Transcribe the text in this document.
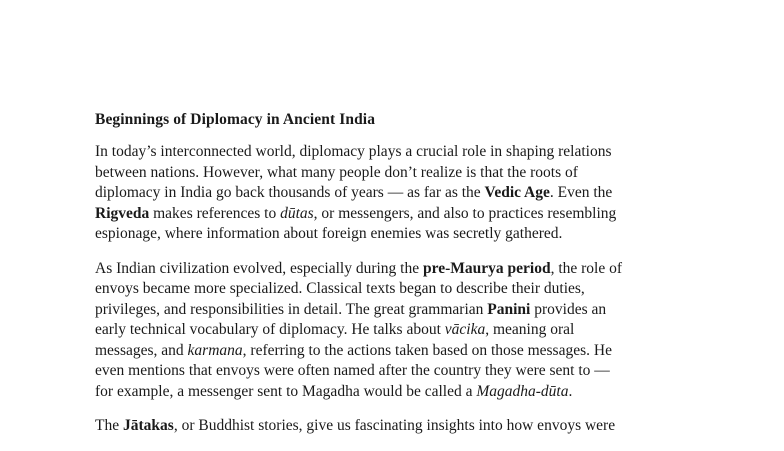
Beginnings of Diplomacy in Ancient India
In today’s interconnected world, diplomacy plays a crucial role in shaping relations
between nations. However, what many people don’t realize is that the roots of
diplomacy in India go back thousands of years — as far as the Vedic Age. Even the
Rigveda makes references to dūtas, or messengers, and also to practices resembling
espionage, where information about foreign enemies was secretly gathered.
As Indian civilization evolved, especially during the pre-Maurya period, the role of
envoys became more specialized. Classical texts began to describe their duties,
privileges, and responsibilities in detail. The great grammarian Panini provides an
early technical vocabulary of diplomacy. He talks about vācika, meaning oral
messages, and karmana, referring to the actions taken based on those messages. He
even mentions that envoys were often named after the country they were sent to —
for example, a messenger sent to Magadha would be called a Magadha-dūta.
The Jātakas, or Buddhist stories, give us fascinating insights into how envoys were
